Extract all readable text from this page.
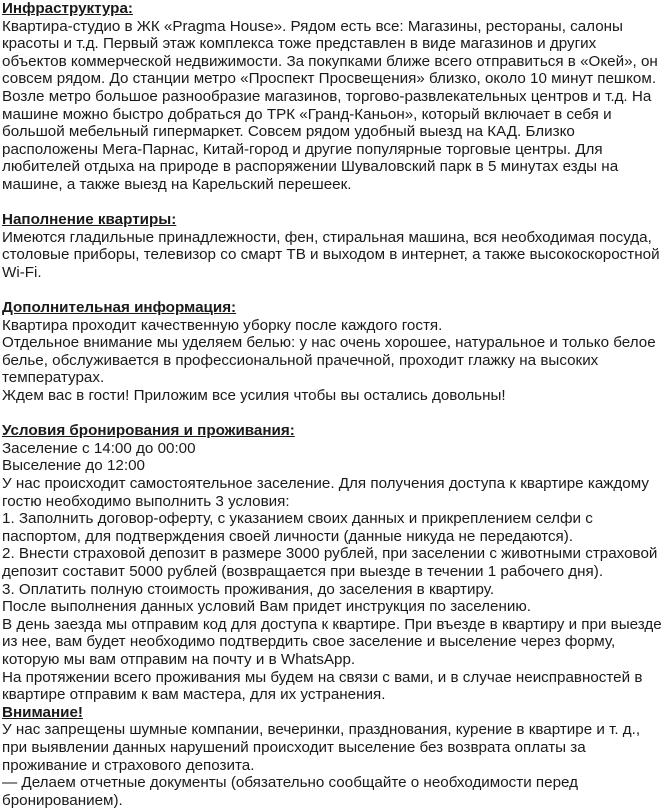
Инфраструктура:

Квартира-студио в ЖК «Pragma House». Рядом есть все: Магазины, рестораны, салоны красоты и т.д. Первый этаж комплекса тоже представлен в виде магазинов и других объектов коммерческой недвижимости. За покупками ближе всего отправиться в «Окей», он совсем рядом. До станции метро «Проспект Просвещения» близко, около 10 минут пешком. Возле метро большое разнообразие магазинов, торгово-развлекательных центров и т.д. На машине можно быстро добраться до ТРК «Гранд-Каньон», который включает в себя и большой мебельный гипермаркет. Совсем рядом удобный выезд на КАД. Близко расположены Мега-Парнас, Китай-город и другие популярные торговые центры. Для любителей отдыха на природе в распоряжении Шуваловский парк в 5 минутах езды на машине, а также выезд на Карельский перешеек.

Наполнение квартиры:

Имеются гладильные принадлежности, фен, стиральная машина, вся необходимая посуда, столовые приборы, телевизор со смарт ТВ и выходом в интернет, а также высокоскоростной Wi-Fi.

Дополнительная информация:

Квартира проходит качественную уборку после каждого гостя.

Отдельное внимание мы уделяем белью: у нас очень хорошее, натуральное и только белое белье, обслуживается в профессиональной прачечной, проходит глажку на высоких температурах.

Ждем вас в гости! Приложим все усилия чтобы вы остались довольны!

Условия бронирования и проживания:

Заселение с 14:00 до 00:00

Выселение до 12:00

У нас происходит самостоятельное заселение. Для получения доступа к квартире каждому гостю необходимо выполнить 3 условия:

1. Заполнить договор-оферту, с указанием своих данных и прикреплением селфи с паспортом, для подтверждения своей личности (данные никуда не передаются).

2. Внести страховой депозит в размере 3000 рублей, при заселении с животными страховой депозит составит 5000 рублей (возвращается при выезде в течении 1 рабочего дня).

3. Оплатить полную стоимость проживания, до заселения в квартиру.

После выполнения данных условий Вам придет инструкция по заселению.

В день заезда мы отправим код для доступа к квартире. При въезде в квартиру и при выезде из нее, вам будет необходимо подтвердить свое заселение и выселение через форму, которую мы вам отправим на почту и в WhatsApp.

На протяжении всего проживания мы будем на связи с вами, и в случае неисправностей в квартире отправим к вам мастера, для их устранения.

Внимание!

У нас запрещены шумные компании, вечеринки, празднования, курение в квартире и т. д., при выявлении данных нарушений происходит выселение без возврата оплаты за проживание и страхового депозита.

— Делаем отчетные документы (обязательно сообщайте о необходимости перед бронированием).
